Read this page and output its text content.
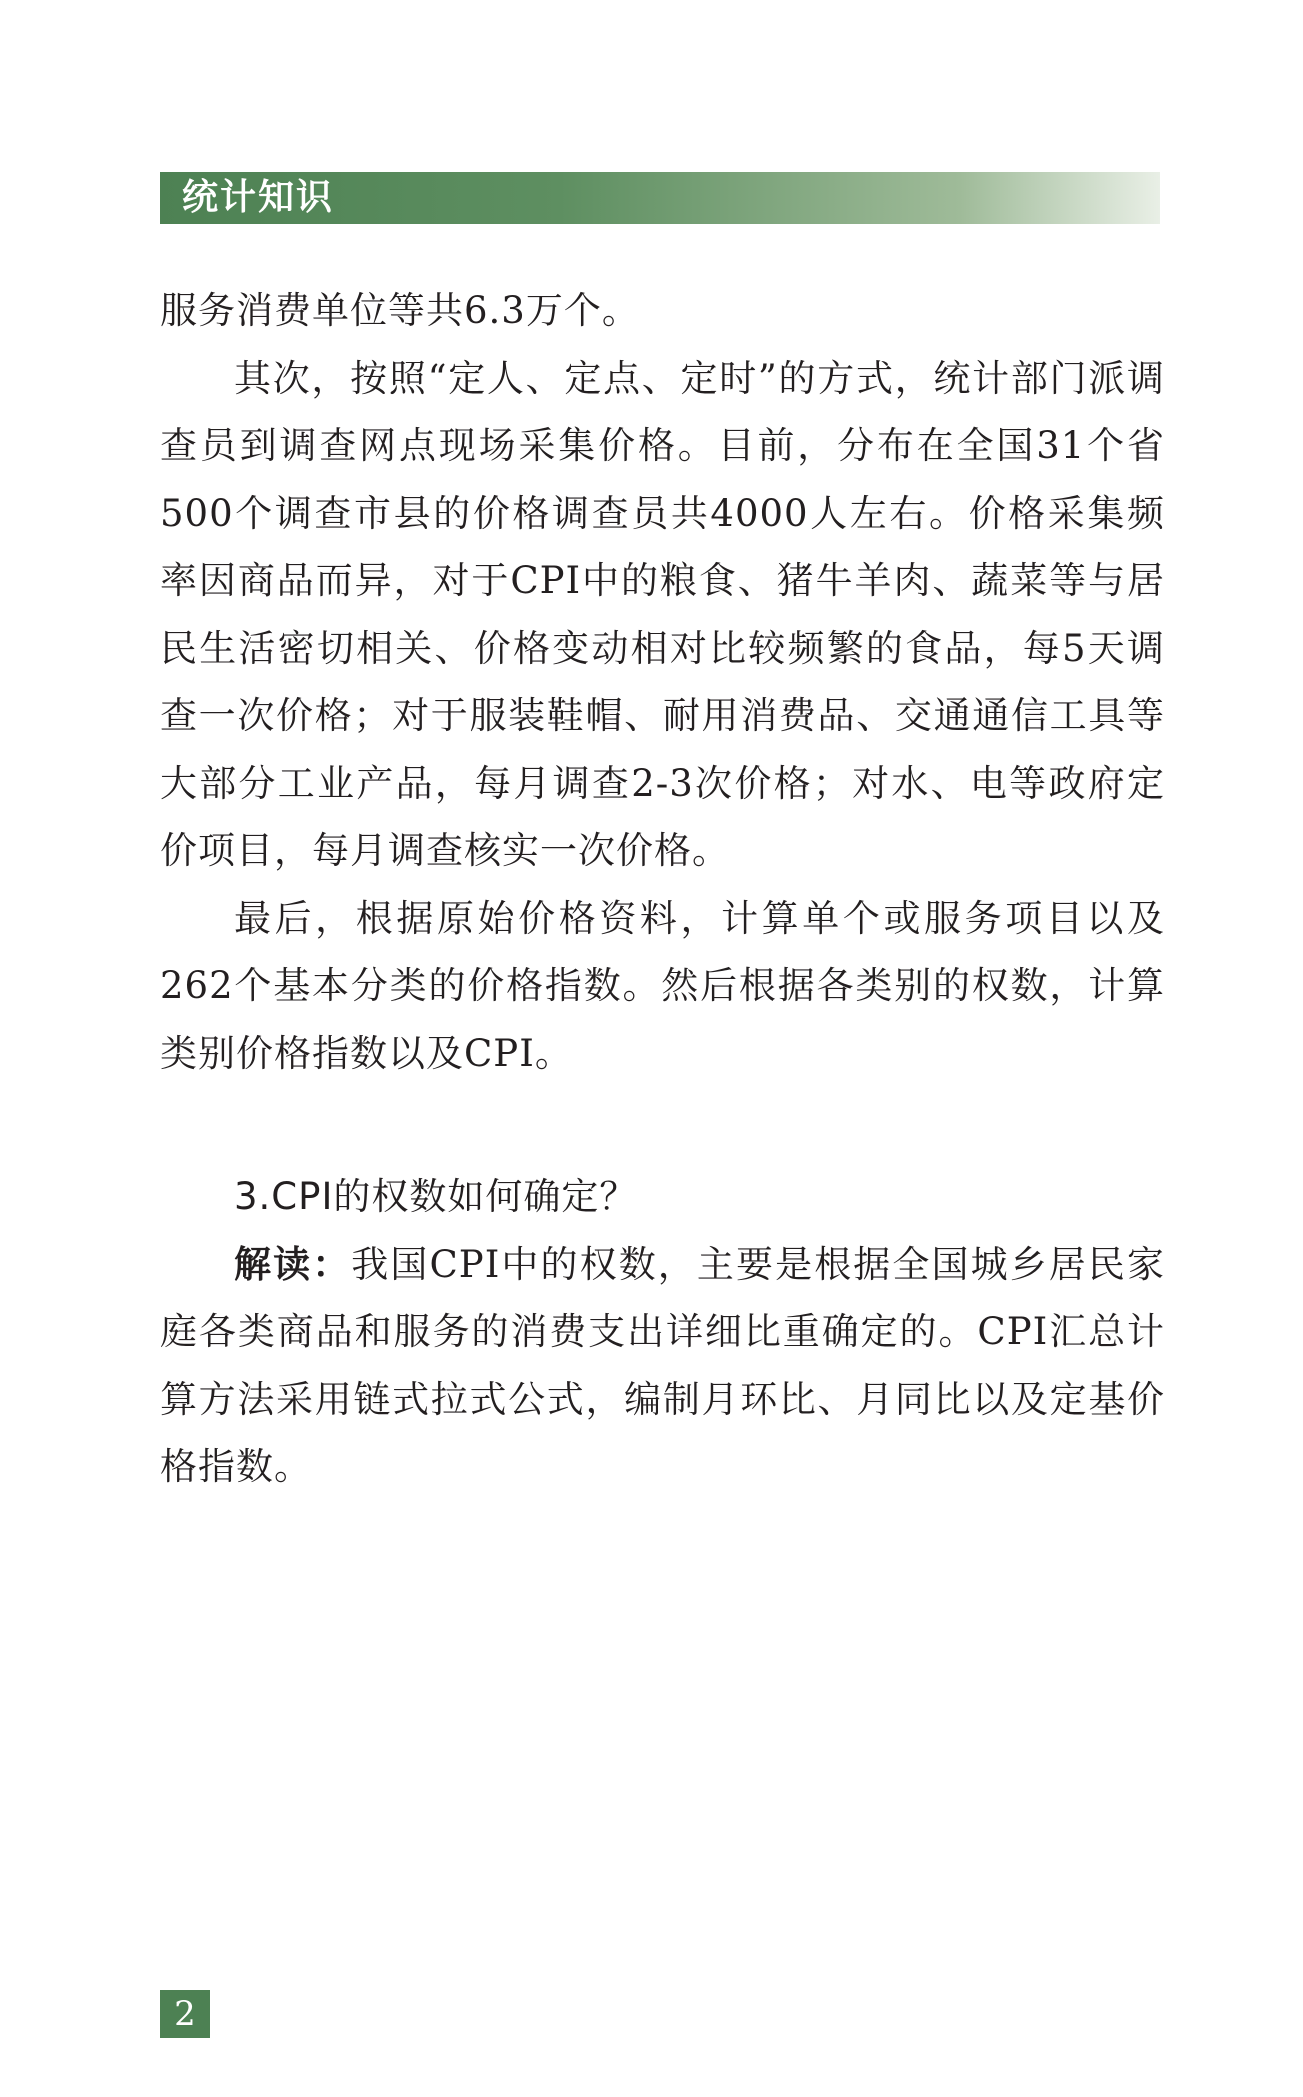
统计知识

服务消费单位等共6.3万个。

其次，按照“定人、定点、定时”的方式，统计部门派调查员到调查网点现场采集价格。目前，分布在全国31个省500个调查市县的价格调查员共4000人左右。价格采集频率因商品而异，对于CPI中的粮食、猪牛羊肉、蔬菜等与居民生活密切相关、价格变动相对比较频繁的食品，每5天调查一次价格；对于服装鞋帽、耐用消费品、交通通信工具等大部分工业产品，每月调查2-3次价格；对水、电等政府定价项目，每月调查核实一次价格。

最后，根据原始价格资料，计算单个或服务项目以及262个基本分类的价格指数。然后根据各类别的权数，计算类别价格指数以及CPI。

3.CPI的权数如何确定？

解读：我国CPI中的权数，主要是根据全国城乡居民家庭各类商品和服务的消费支出详细比重确定的。CPI汇总计算方法采用链式拉式公式，编制月环比、月同比以及定基价格指数。

2
